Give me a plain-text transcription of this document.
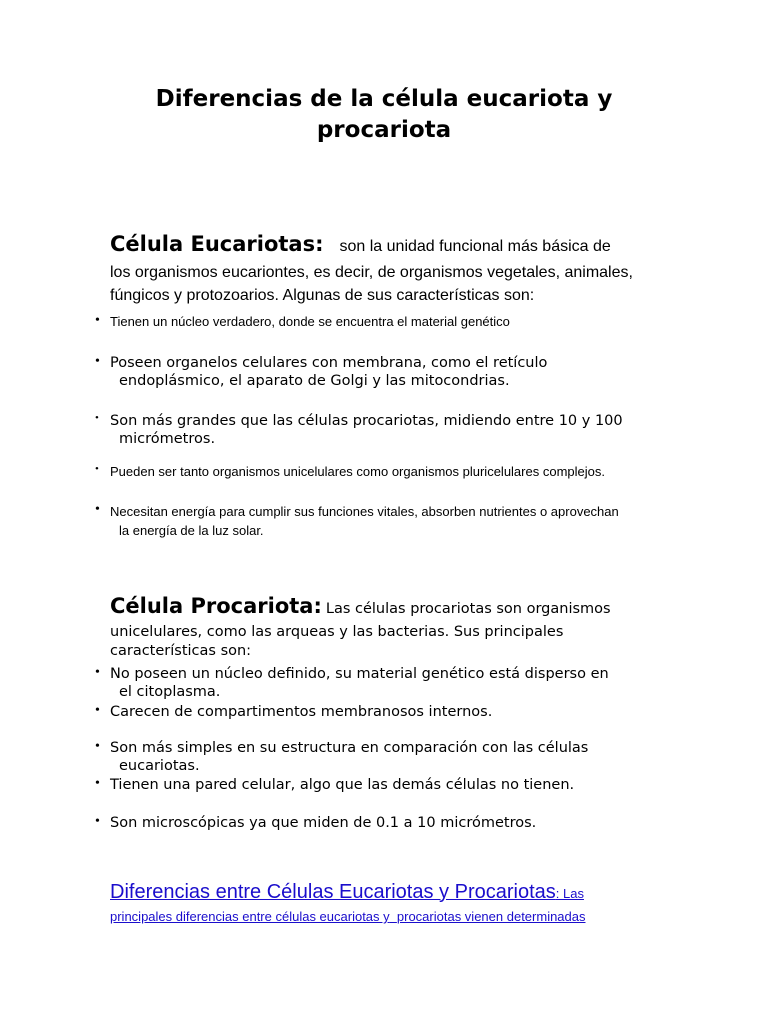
Diferencias de la célula eucariota y
procariota
Célula Eucariotas: son la unidad funcional más básica de
los organismos eucariontes, es decir, de organismos vegetales, animales,
fúngicos y protozoarios. Algunas de sus características son:
• Tienen un núcleo verdadero, donde se encuentra el material genético
• Poseen organelos celulares con membrana, como el retículo
endoplásmico, el aparato de Golgi y las mitocondrias.
• Son más grandes que las células procariotas, midiendo entre 10 y 100
micrómetros.
• Pueden ser tanto organismos unicelulares como organismos pluricelulares complejos.
• Necesitan energía para cumplir sus funciones vitales, absorben nutrientes o aprovechan
la energía de la luz solar.
Célula Procariota: Las células procariotas son organismos
unicelulares, como las arqueas y las bacterias. Sus principales
características son:
• No poseen un núcleo definido, su material genético está disperso en
el citoplasma.
• Carecen de compartimentos membranosos internos.
• Son más simples en su estructura en comparación con las células
eucariotas.
• Tienen una pared celular, algo que las demás células no tienen.
• Son microscópicas ya que miden de 0.1 a 10 micrómetros.
Diferencias entre Células Eucariotas y Procariotas: Las
principales diferencias entre células eucariotas y procariotas vienen determinadas
